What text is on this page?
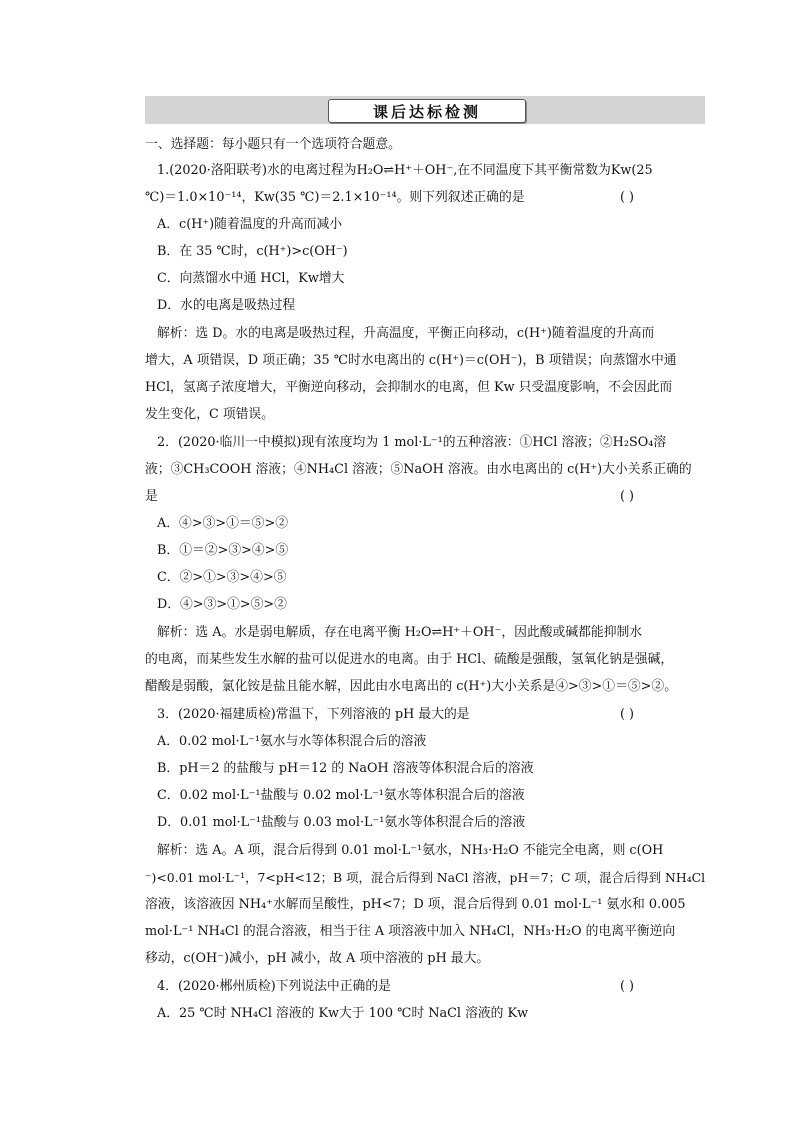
课后达标检测
一、选择题：每小题只有一个选项符合题意。
1.(2020·洛阳联考)水的电离过程为H₂O⇌H⁺＋OH⁻,在不同温度下其平衡常数为Kw(25
℃)＝1.0×10⁻¹⁴，Kw(35 ℃)＝2.1×10⁻¹⁴。则下列叙述正确的是
A．c(H⁺)随着温度的升高而减小
B．在 35 ℃时，c(H⁺)>c(OH⁻)
C．向蒸馏水中通 HCl，Kw增大
D．水的电离是吸热过程
解析：选 D。水的电离是吸热过程，升高温度，平衡正向移动，c(H⁺)随着温度的升高而
增大，A 项错误，D 项正确；35 ℃时水电离出的 c(H⁺)＝c(OH⁻)，B 项错误；向蒸馏水中通
HCl，氢离子浓度增大，平衡逆向移动，会抑制水的电离，但 Kw 只受温度影响，不会因此而
发生变化，C 项错误。
2．(2020·临川一中模拟)现有浓度均为 1 mol·L⁻¹的五种溶液：①HCl 溶液；②H₂SO₄溶
液；③CH₃COOH 溶液；④NH₄Cl 溶液；⑤NaOH 溶液。由水电离出的 c(H⁺)大小关系正确的
是
A．④>③>①＝⑤>②
B．①＝②>③>④>⑤
C．②>①>③>④>⑤
D．④>③>①>⑤>②
解析：选 A。水是弱电解质，存在电离平衡 H₂O⇌H⁺＋OH⁻，因此酸或碱都能抑制水
的电离，而某些发生水解的盐可以促进水的电离。由于 HCl、硫酸是强酸，氢氧化钠是强碱，
醋酸是弱酸，氯化铵是盐且能水解，因此由水电离出的 c(H⁺)大小关系是④>③>①＝⑤>②。
3．(2020·福建质检)常温下，下列溶液的 pH 最大的是
A．0.02 mol·L⁻¹氨水与水等体积混合后的溶液
B．pH＝2 的盐酸与 pH＝12 的 NaOH 溶液等体积混合后的溶液
C．0.02 mol·L⁻¹盐酸与 0.02 mol·L⁻¹氨水等体积混合后的溶液
D．0.01 mol·L⁻¹盐酸与 0.03 mol·L⁻¹氨水等体积混合后的溶液
解析：选 A。A 项，混合后得到 0.01 mol·L⁻¹氨水，NH₃·H₂O 不能完全电离，则 c(OH
⁻)<0.01 mol·L⁻¹，7<pH<12；B 项，混合后得到 NaCl 溶液，pH＝7；C 项，混合后得到 NH₄Cl
溶液，该溶液因 NH₄⁺水解而呈酸性，pH<7；D 项，混合后得到 0.01 mol·L⁻¹ 氨水和 0.005
mol·L⁻¹ NH₄Cl 的混合溶液，相当于往 A 项溶液中加入 NH₄Cl，NH₃·H₂O 的电离平衡逆向
移动，c(OH⁻)减小，pH 减小，故 A 项中溶液的 pH 最大。
4．(2020·郴州质检)下列说法中正确的是
A．25 ℃时 NH₄Cl 溶液的 Kw大于 100 ℃时 NaCl 溶液的 Kw
( )
( )
( )
( )
